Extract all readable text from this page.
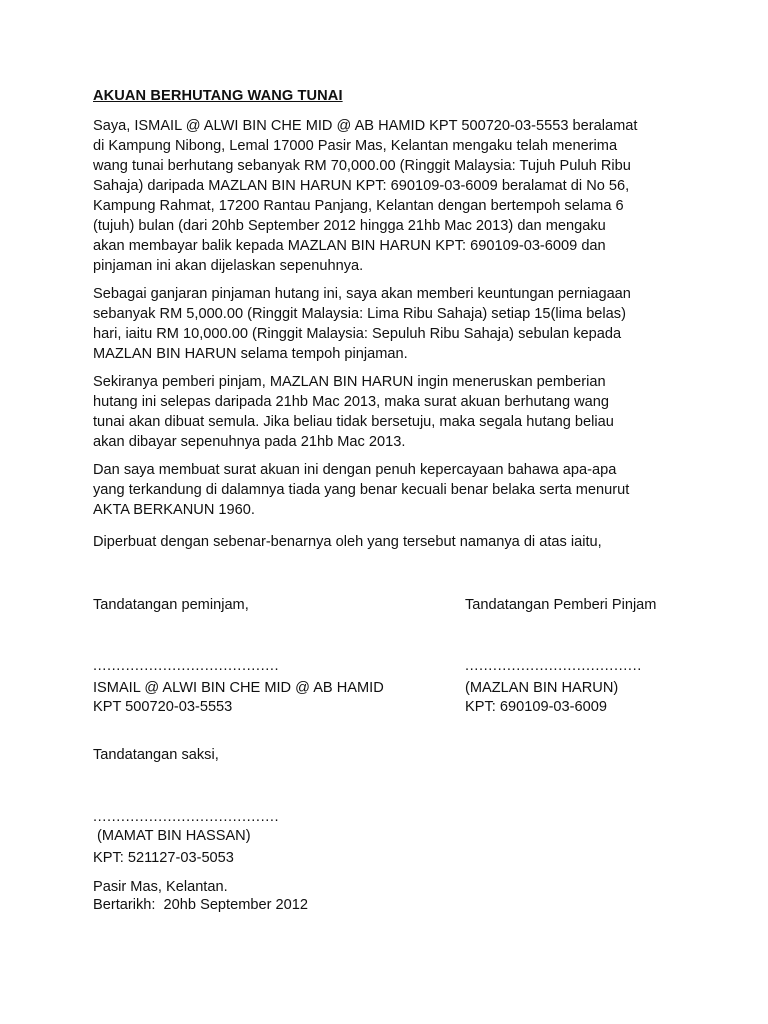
AKUAN BERHUTANG WANG TUNAI
Saya, ISMAIL @ ALWI BIN CHE MID @ AB HAMID KPT 500720-03-5553 beralamat
di Kampung Nibong, Lemal 17000 Pasir Mas, Kelantan mengaku telah menerima
wang tunai berhutang sebanyak RM 70,000.00 (Ringgit Malaysia: Tujuh Puluh Ribu
Sahaja) daripada MAZLAN BIN HARUN KPT: 690109-03-6009 beralamat di No 56,
Kampung Rahmat, 17200 Rantau Panjang, Kelantan dengan bertempoh selama 6
(tujuh) bulan (dari 20hb September 2012 hingga 21hb Mac 2013) dan mengaku
akan membayar balik kepada MAZLAN BIN HARUN KPT: 690109-03-6009 dan
pinjaman ini akan dijelaskan sepenuhnya.
Sebagai ganjaran pinjaman hutang ini, saya akan memberi keuntungan perniagaan
sebanyak RM 5,000.00 (Ringgit Malaysia: Lima Ribu Sahaja) setiap 15(lima belas)
hari, iaitu RM 10,000.00 (Ringgit Malaysia: Sepuluh Ribu Sahaja) sebulan kepada
MAZLAN BIN HARUN selama tempoh pinjaman.
Sekiranya pemberi pinjam, MAZLAN BIN HARUN ingin meneruskan pemberian
hutang ini selepas daripada 21hb Mac 2013, maka surat akuan berhutang wang
tunai akan dibuat semula. Jika beliau tidak bersetuju, maka segala hutang beliau
akan dibayar sepenuhnya pada 21hb Mac 2013.
Dan saya membuat surat akuan ini dengan penuh kepercayaan bahawa apa-apa
yang terkandung di dalamnya tiada yang benar kecuali benar belaka serta menurut
AKTA BERKANUN 1960.
Diperbuat dengan sebenar-benarnya oleh yang tersebut namanya di atas iaitu,
Tandatangan peminjam,	Tandatangan Pemberi Pinjam
........................................	......................................
ISMAIL @ ALWI BIN CHE MID @ AB HAMID	(MAZLAN BIN HARUN)
KPT 500720-03-5553	KPT: 690109-03-6009
Tandatangan saksi,
........................................
(MAMAT BIN HASSAN)
KPT: 521127-03-5053
Pasir Mas, Kelantan.
Bertarikh:  20hb September 2012
